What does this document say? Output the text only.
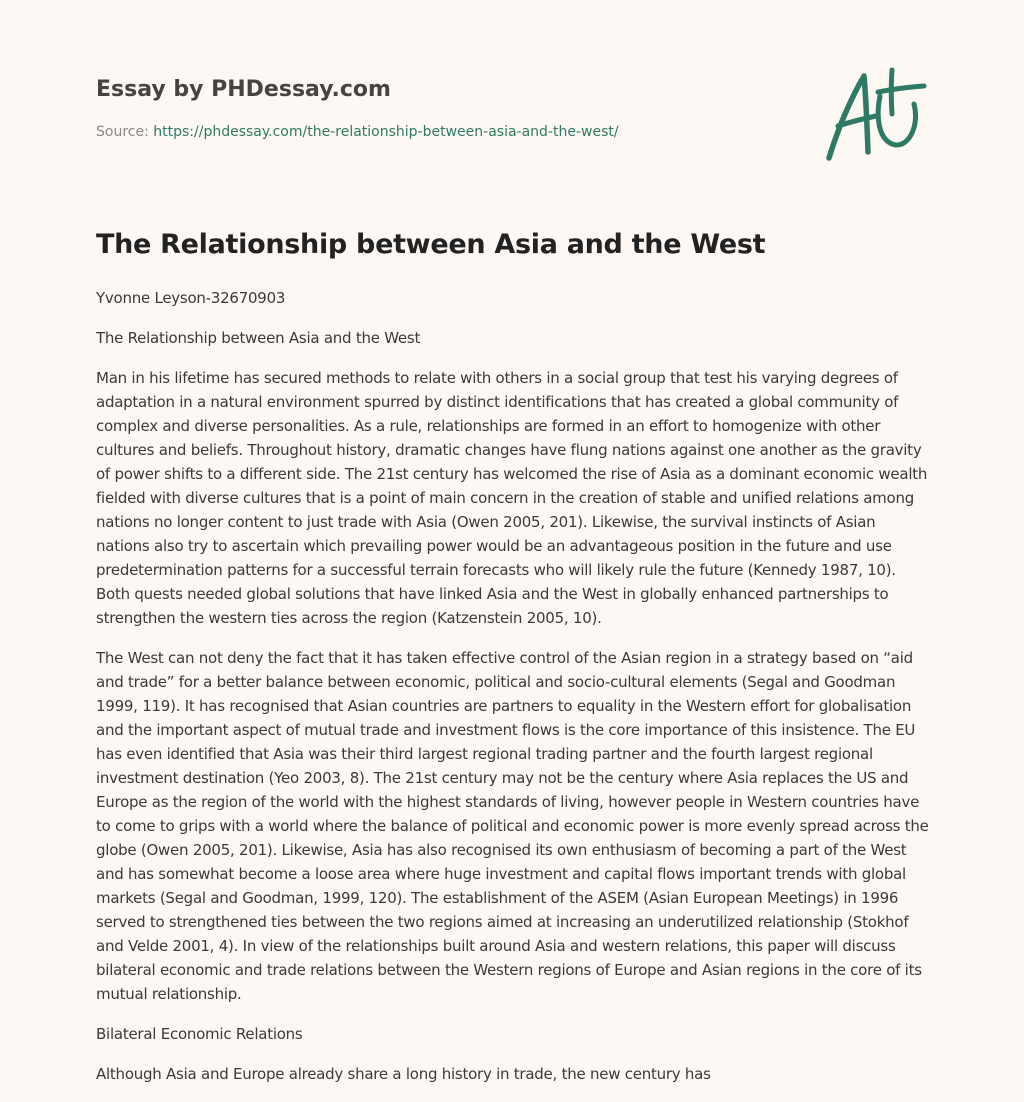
Essay by PHDessay.com
Source: https://phdessay.com/the-relationship-between-asia-and-the-west/
The Relationship between Asia and the West

Yvonne Leyson-32670903

The Relationship between Asia and the West

Man in his lifetime has secured methods to relate with others in a social group that test his varying degrees of adaptation in a natural environment spurred by distinct identifications that has created a global community of complex and diverse personalities. As a rule, relationships are formed in an effort to homogenize with other cultures and beliefs. Throughout history, dramatic changes have flung nations against one another as the gravity of power shifts to a different side. The 21st century has welcomed the rise of Asia as a dominant economic wealth fielded with diverse cultures that is a point of main concern in the creation of stable and unified relations among nations no longer content to just trade with Asia (Owen 2005, 201). Likewise, the survival instincts of Asian nations also try to ascertain which prevailing power would be an advantageous position in the future and use predetermination patterns for a successful terrain forecasts who will likely rule the future (Kennedy 1987, 10). Both quests needed global solutions that have linked Asia and the West in globally enhanced partnerships to strengthen the western ties across the region (Katzenstein 2005, 10).

The West can not deny the fact that it has taken effective control of the Asian region in a strategy based on “aid and trade” for a better balance between economic, political and socio-cultural elements (Segal and Goodman 1999, 119). It has recognised that Asian countries are partners to equality in the Western effort for globalisation and the important aspect of mutual trade and investment flows is the core importance of this insistence. The EU has even identified that Asia was their third largest regional trading partner and the fourth largest regional investment destination (Yeo 2003, 8). The 21st century may not be the century where Asia replaces the US and Europe as the region of the world with the highest standards of living, however people in Western countries have to come to grips with a world where the balance of political and economic power is more evenly spread across the globe (Owen 2005, 201). Likewise, Asia has also recognised its own enthusiasm of becoming a part of the West and has somewhat become a loose area where huge investment and capital flows important trends with global markets (Segal and Goodman, 1999, 120). The establishment of the ASEM (Asian European Meetings) in 1996 served to strengthened ties between the two regions aimed at increasing an underutilized relationship (Stokhof and Velde 2001, 4). In view of the relationships built around Asia and western relations, this paper will discuss bilateral economic and trade relations between the Western regions of Europe and Asian regions in the core of its mutual relationship.

Bilateral Economic Relations

Although Asia and Europe already share a long history in trade, the new century has
